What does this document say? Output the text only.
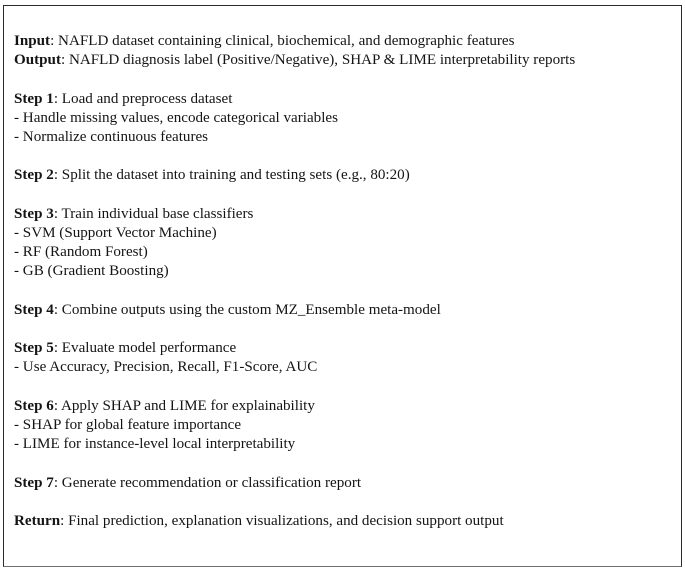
Input: NAFLD dataset containing clinical, biochemical, and demographic features
Output: NAFLD diagnosis label (Positive/Negative), SHAP & LIME interpretability reports

Step 1: Load and preprocess dataset
- Handle missing values, encode categorical variables
- Normalize continuous features

Step 2: Split the dataset into training and testing sets (e.g., 80:20)

Step 3: Train individual base classifiers
- SVM (Support Vector Machine)
- RF (Random Forest)
- GB (Gradient Boosting)

Step 4: Combine outputs using the custom MZ_Ensemble meta-model

Step 5: Evaluate model performance
- Use Accuracy, Precision, Recall, F1-Score, AUC

Step 6: Apply SHAP and LIME for explainability
- SHAP for global feature importance
- LIME for instance-level local interpretability

Step 7: Generate recommendation or classification report

Return: Final prediction, explanation visualizations, and decision support output
